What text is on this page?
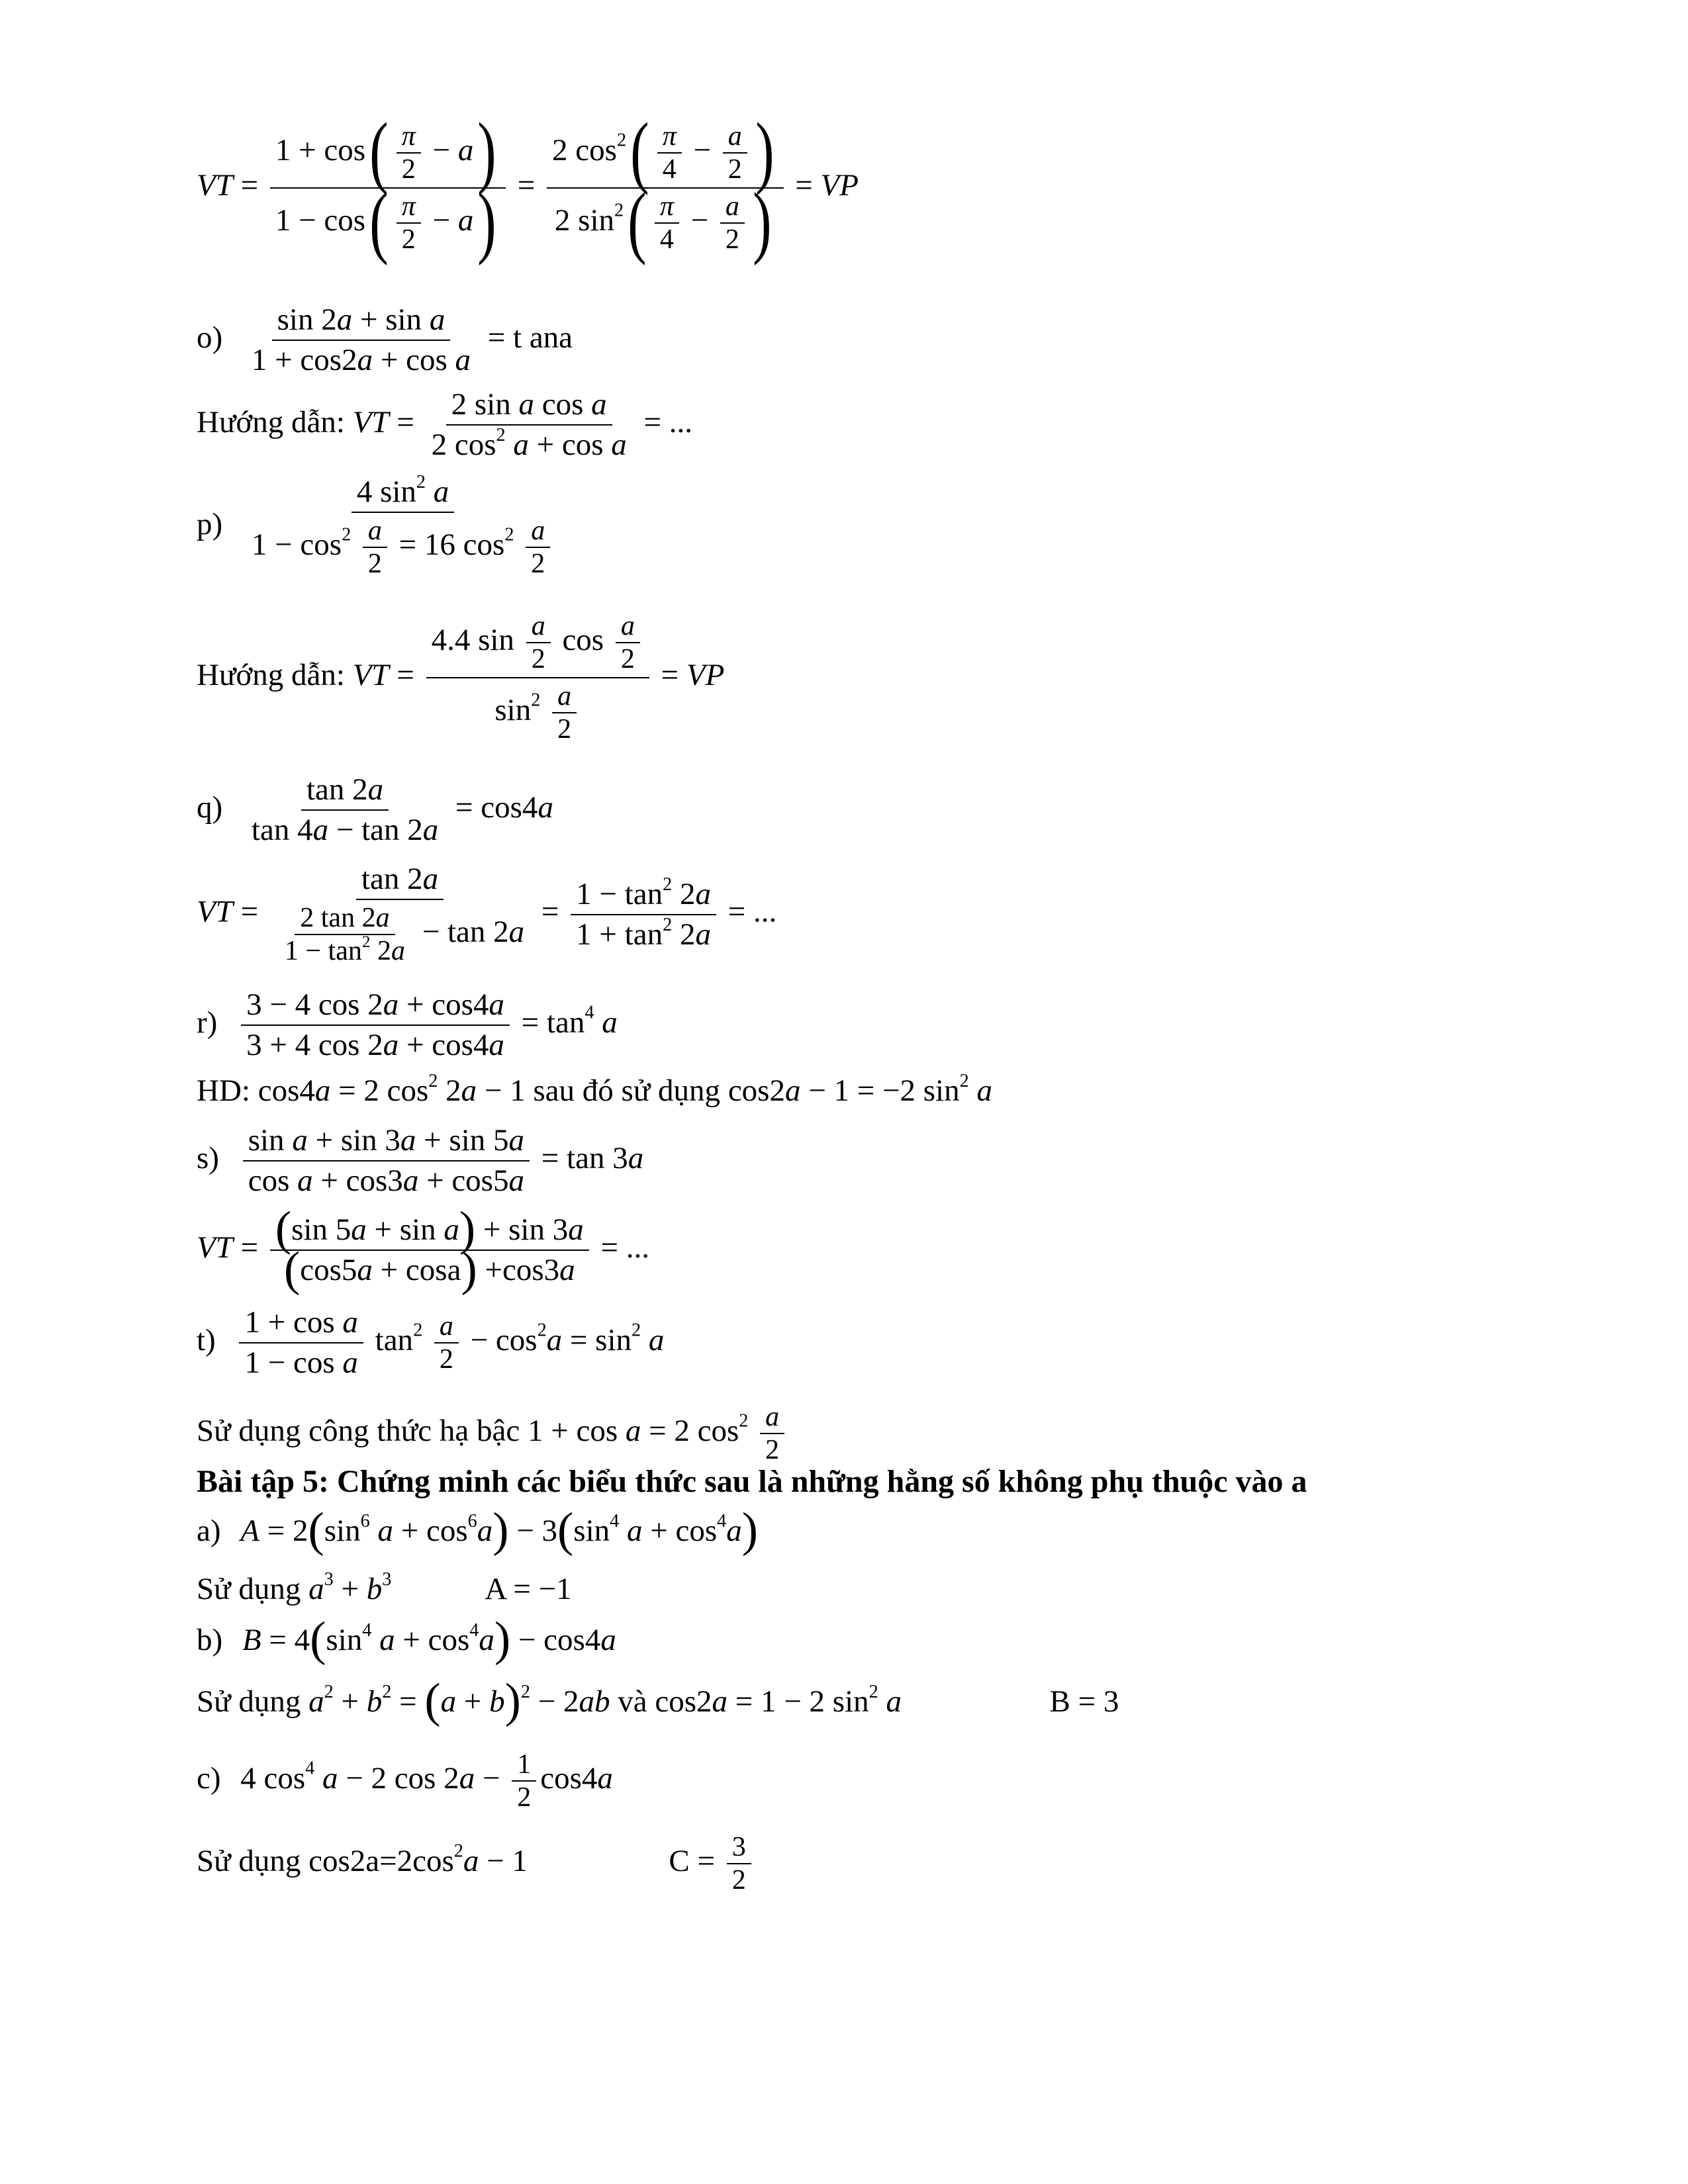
VT = $\frac{1 + \cos( \frac{\pi}{2} - a)}{1 - \cos( \frac{\pi}{2} - a)} = \frac{2 \cos^2( \frac{\pi}{4} - \frac{a}{2} )}{2 \sin^2( \frac{\pi}{4} - \frac{a}{2} )}$ = VP
$o) \frac{\text{sin 2a + sin a}}{\text{1 + cos2a + cos a}} = t$ ana
Hướng dẫn: VT = $\frac{\text{2 sin a cos a}}{2 \cos^2 a + \cos a}$ = ...
$p) \frac{4 \sin^2 a}{1 - \cos^2 \frac{a}{2} = 16 \cos^2 \frac{a}{2}}$
Hướng dẫn: VT = $\frac{4.4 \sin \frac{a}{2} \cos \frac{a}{2}}{\sin^2 \frac{a}{2}}$ = VP
$q) \frac{\tan 2a}{\tan 4a - \tan 2a} = \cos 4a$
VT = $\frac{\tan 2a}{\frac{2 \tan 2a}{1 - \tan^2 2a} - \tan 2a} = \frac{1 - \tan^2 2a}{1 + \tan^2 2a}$ = ...
$r) \frac{3 - 4 \cos 2a + \cos 4a}{3 + 4 \cos 2a + \cos 4a} = \tan^4 a$
HD: cos4a = 2 $\cos^2 2a - 1$ sau đó sử dụng cos2a − 1 = −2 $\sin^2 a$
$s) \frac{\text{sin a + sin 3a + sin 5a}}{\text{cos a + cos3a + cos5a}} = \tan 3a$
VT = $\frac{\text{(sin 5a + sin a) + sin 3a}}{(\cos 5a + \cos a) +\cos 3a}$ = ...
$t) \frac{\text{1 + cos a}}{\text{1 − cos a}} \tan^2 \frac{a}{2} - \cos^2a = \sin^2 a$
Sử dụng công thức hạ bậc 1 + cos a = 2 $\cos^2 \frac{a}{2}$
Bài tập 5: Chứng minh các biểu thức sau là những hằng số không phụ thuộc vào a
a) $A = 2(\sin^6$ $a + \cos^6a) - 3(\sin^4$ $a + \cos^4a$)
Sử dụng $a^3 + b^3$	A = −1
b) $B = 4(\sin^4$ $a + \cos^4a) - \cos 4a$
Sử dụng $a^2 + b^2 = (a + b)^2 - 2ab$ và cos2a = 1 − 2 $\sin^2 a$	B = 3
c) 4 $\cos^4 a - 2$ $\cos 2a - \frac{1}{2} \cos 4a$
Sử dụng $\cos 2a=2\cos^2a - 1$	$C = \frac{3}{2}$
